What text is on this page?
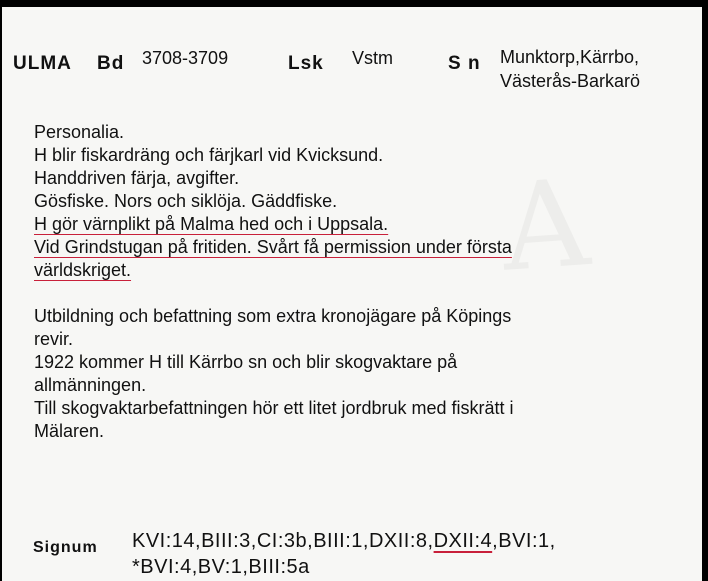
ULMA Bd 3708-3709	Lsk Vstm	S n Munktorp,Kärrbo,
Västerås-Barkarö
Personalia.
H blir fiskardräng och färjkarl vid Kvicksund.
Handdriven färja, avgifter.
Gösfiske. Nors och siklöja. Gäddfiske.
H gör värnplikt på Malma hed och i Uppsala.
Vid Grindstugan på fritiden. Svårt få permission under första
världskriget.
Utbildning och befattning som extra kronojägare på Köpings
revir.
1922 kommer H till Kärrbo sn och blir skogvaktare på
allmänningen.
Till skogvaktarbefattningen hör ett litet jordbruk med fiskrätt i
Mälaren.
Signum KVI:14,BIII:3,CI:3b,BIII:1,DXII:8,DXII:4,BVI:1,
*BVI:4,BV:1,BIII:5a
